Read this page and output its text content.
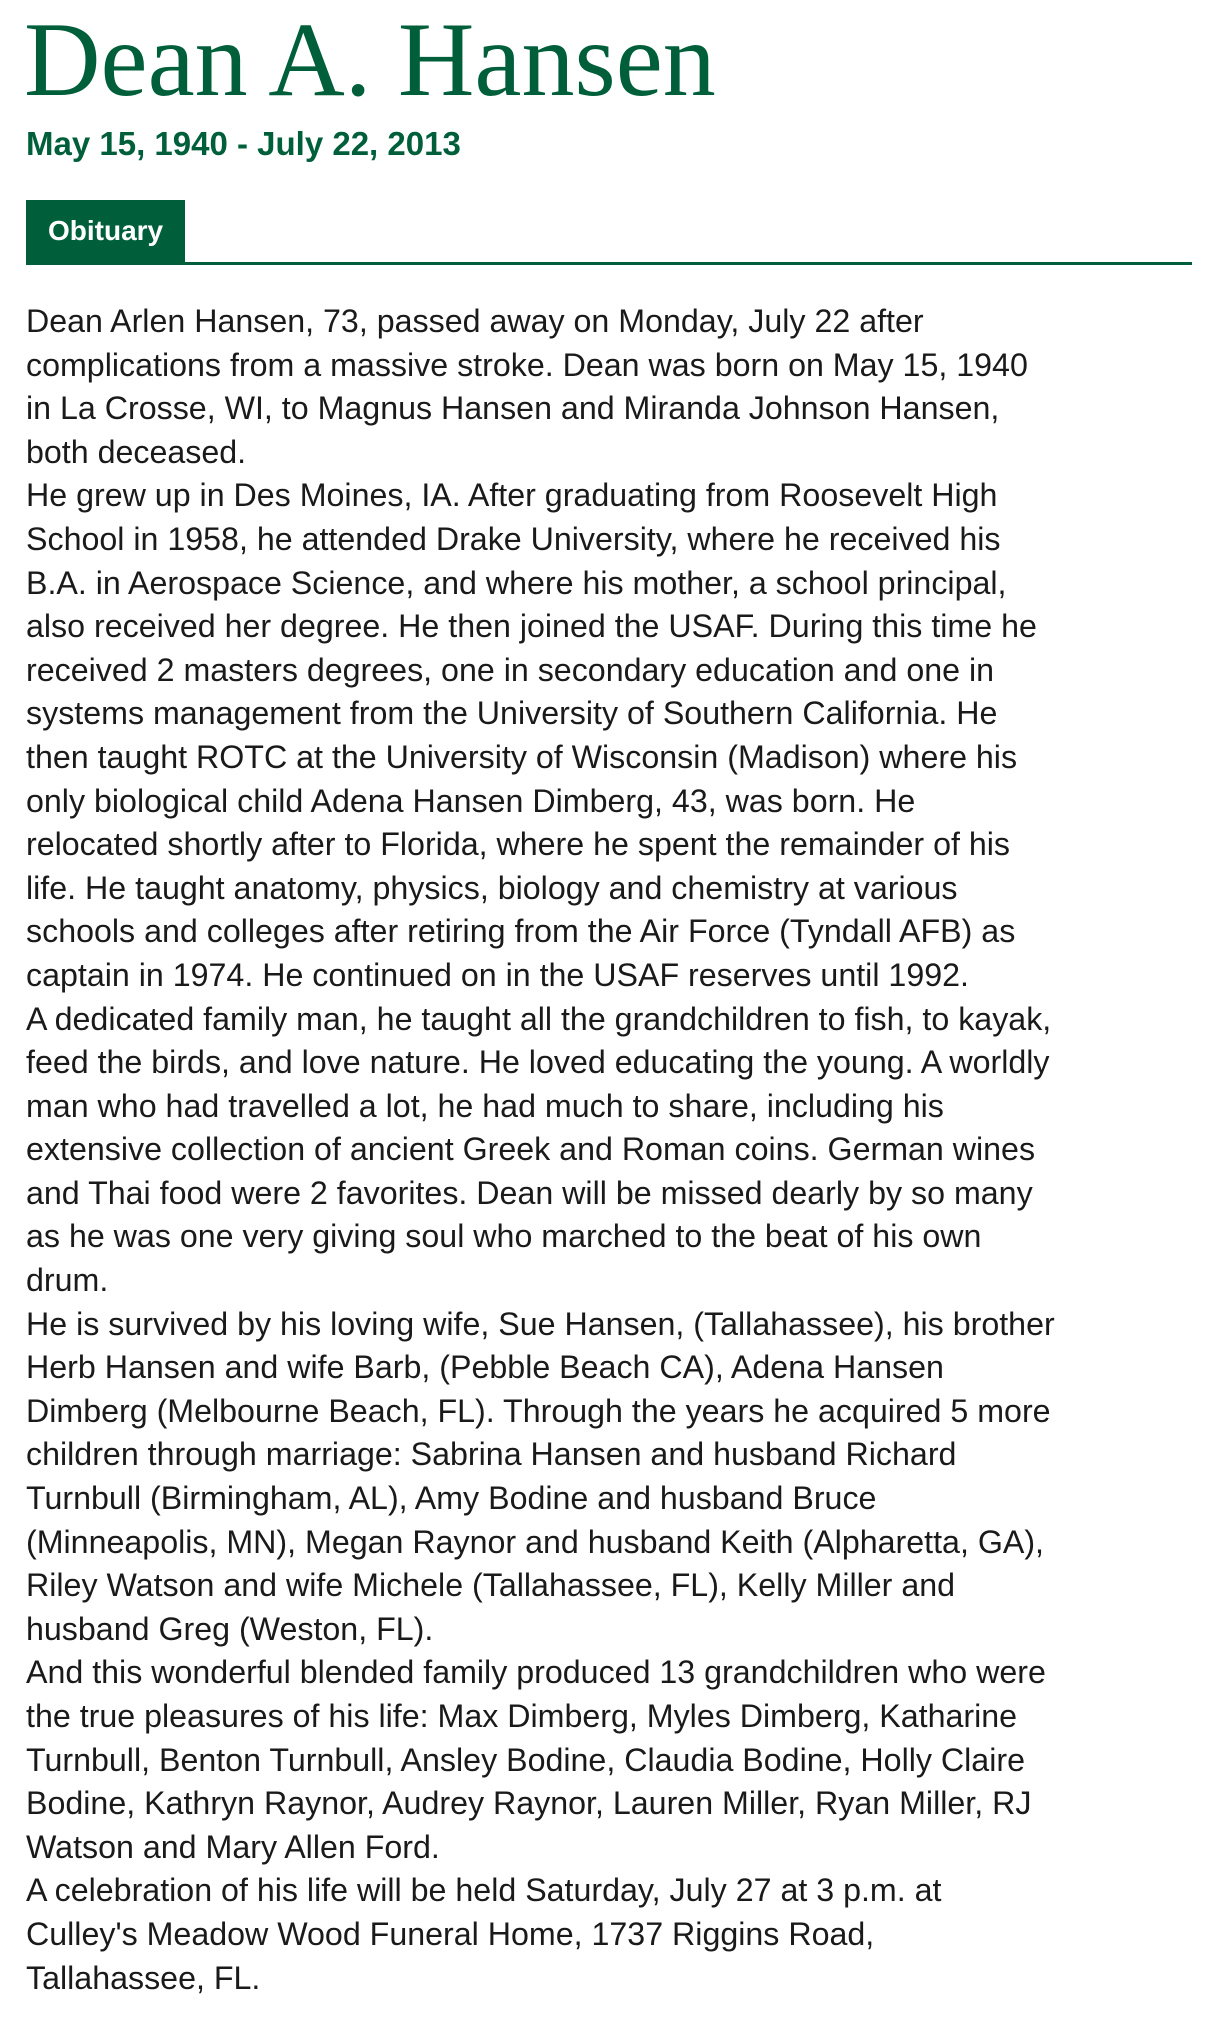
Dean A. Hansen
May 15, 1940 - July 22, 2013
Obituary
Dean Arlen Hansen, 73, passed away on Monday, July 22 after
complications from a massive stroke. Dean was born on May 15, 1940
in La Crosse, WI, to Magnus Hansen and Miranda Johnson Hansen,
both deceased.
He grew up in Des Moines, IA. After graduating from Roosevelt High
School in 1958, he attended Drake University, where he received his
B.A. in Aerospace Science, and where his mother, a school principal,
also received her degree. He then joined the USAF. During this time he
received 2 masters degrees, one in secondary education and one in
systems management from the University of Southern California. He
then taught ROTC at the University of Wisconsin (Madison) where his
only biological child Adena Hansen Dimberg, 43, was born. He
relocated shortly after to Florida, where he spent the remainder of his
life. He taught anatomy, physics, biology and chemistry at various
schools and colleges after retiring from the Air Force (Tyndall AFB) as
captain in 1974. He continued on in the USAF reserves until 1992.
A dedicated family man, he taught all the grandchildren to fish, to kayak,
feed the birds, and love nature. He loved educating the young. A worldly
man who had travelled a lot, he had much to share, including his
extensive collection of ancient Greek and Roman coins. German wines
and Thai food were 2 favorites. Dean will be missed dearly by so many
as he was one very giving soul who marched to the beat of his own
drum.
He is survived by his loving wife, Sue Hansen, (Tallahassee), his brother
Herb Hansen and wife Barb, (Pebble Beach CA), Adena Hansen
Dimberg (Melbourne Beach, FL). Through the years he acquired 5 more
children through marriage: Sabrina Hansen and husband Richard
Turnbull (Birmingham, AL), Amy Bodine and husband Bruce
(Minneapolis, MN), Megan Raynor and husband Keith (Alpharetta, GA),
Riley Watson and wife Michele (Tallahassee, FL), Kelly Miller and
husband Greg (Weston, FL).
And this wonderful blended family produced 13 grandchildren who were
the true pleasures of his life: Max Dimberg, Myles Dimberg, Katharine
Turnbull, Benton Turnbull, Ansley Bodine, Claudia Bodine, Holly Claire
Bodine, Kathryn Raynor, Audrey Raynor, Lauren Miller, Ryan Miller, RJ
Watson and Mary Allen Ford.
A celebration of his life will be held Saturday, July 27 at 3 p.m. at
Culley's Meadow Wood Funeral Home, 1737 Riggins Road,
Tallahassee, FL.
